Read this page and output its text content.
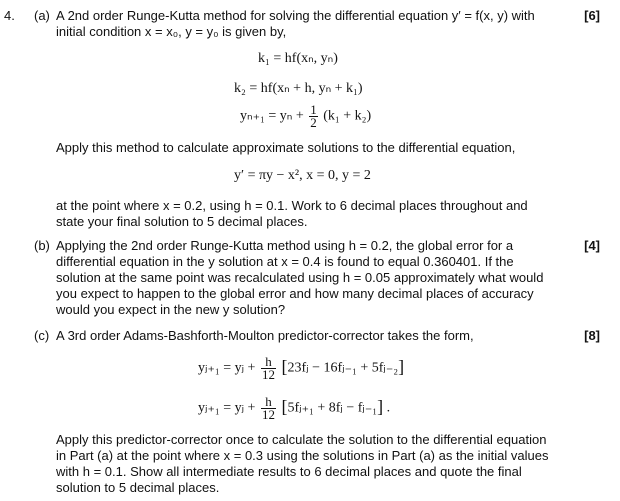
4. (a)	[6]
A 2nd order Runge-Kutta method for solving the differential equation y′ = f(x, y) with
initial condition x = x₀, y = y₀ is given by,
k₁ = hf(xₙ, yₙ)
k₂ = hf(xₙ + h, yₙ + k₁)
$y_{n+1} = y_n + \frac{1}{2} (k_1 + k_2)$
Apply this method to calculate approximate solutions to the differential equation,
y′ = πy − x², x = 0, y = 2
at the point where x = 0.2, using h = 0.1. Work to 6 decimal places throughout and
state your final solution to 5 decimal places.
(b)	[4]
Applying the 2nd order Runge-Kutta method using h = 0.2, the global error for a
differential equation in the y solution at x = 0.4 is found to equal 0.360401. If the
solution at the same point was recalculated using h = 0.05 approximately what would
you expect to happen to the global error and how many decimal places of accuracy
would you expect in the new y solution?
(c)	[8]
A 3rd order Adams-Bashforth-Moulton predictor-corrector takes the form,
yⱼ₊₁ = yⱼ + $\frac{h}{12}$ [23fⱼ − 16fⱼ₋₁ + 5fⱼ₋₂]
yⱼ₊₁ = yⱼ + $\frac{h}{12}$ [5fⱼ₊₁ + 8fⱼ − fⱼ₋₁] .
Apply this predictor-corrector once to calculate the solution to the differential equation
in Part (a) at the point where x = 0.3 using the solutions in Part (a) as the initial values
with h = 0.1. Show all intermediate results to 6 decimal places and quote the final
solution to 5 decimal places.
